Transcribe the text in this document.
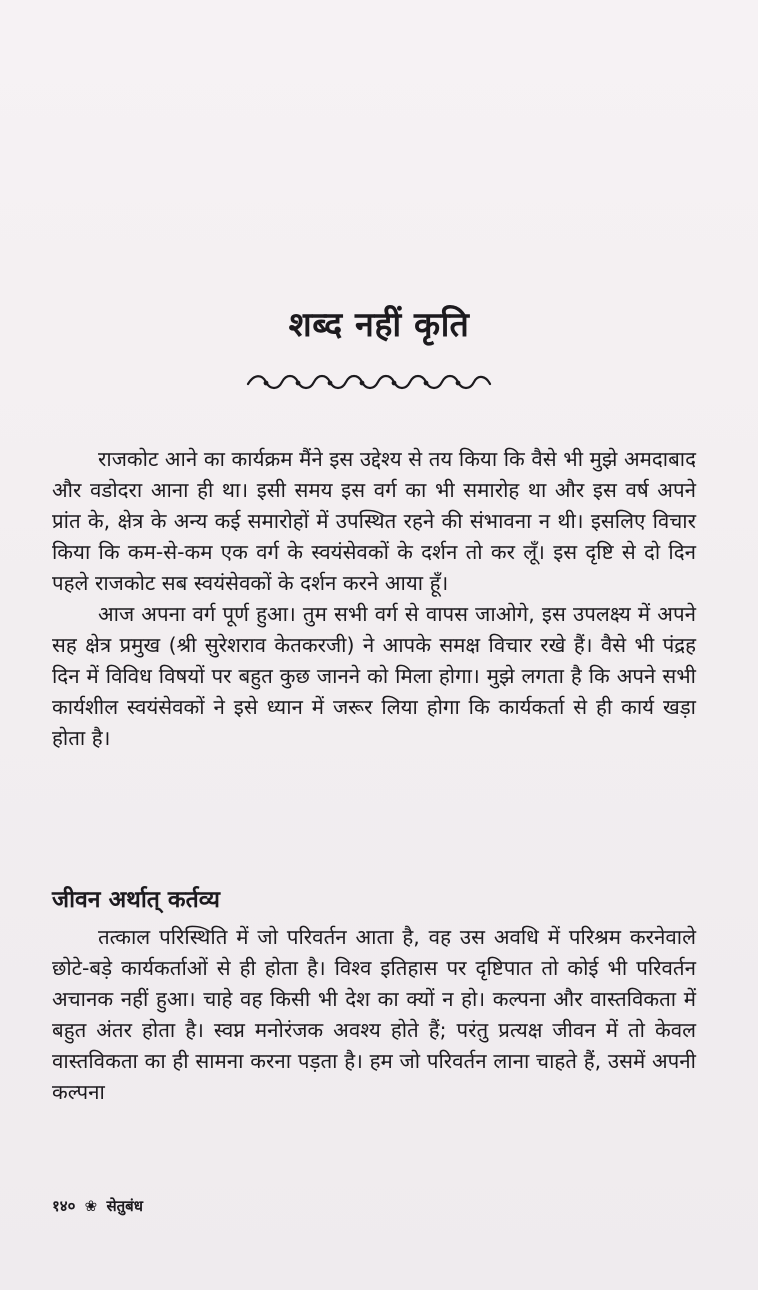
शब्द नहीं कृति

राजकोट आने का कार्यक्रम मैंने इस उद्देश्य से तय किया कि वैसे भी मुझे अमदाबाद और वडोदरा आना ही था। इसी समय इस वर्ग का भी समारोह था और इस वर्ष अपने प्रांत के, क्षेत्र के अन्य कई समारोहों में उपस्थित रहने की संभावना न थी। इसलिए विचार किया कि कम-से-कम एक वर्ग के स्वयंसेवकों के दर्शन तो कर लूँ। इस दृष्टि से दो दिन पहले राजकोट सब स्वयंसेवकों के दर्शन करने आया हूँ।

आज अपना वर्ग पूर्ण हुआ। तुम सभी वर्ग से वापस जाओगे, इस उपलक्ष्य में अपने सह क्षेत्र प्रमुख (श्री सुरेशराव केतकरजी) ने आपके समक्ष विचार रखे हैं। वैसे भी पंद्रह दिन में विविध विषयों पर बहुत कुछ जानने को मिला होगा। मुझे लगता है कि अपने सभी कार्यशील स्वयंसेवकों ने इसे ध्यान में जरूर लिया होगा कि कार्यकर्ता से ही कार्य खड़ा होता है।

जीवन अर्थात् कर्तव्य

तत्काल परिस्थिति में जो परिवर्तन आता है, वह उस अवधि में परिश्रम करनेवाले छोटे-बड़े कार्यकर्ताओं से ही होता है। विश्व इतिहास पर दृष्टिपात तो कोई भी परिवर्तन अचानक नहीं हुआ। चाहे वह किसी भी देश का क्यों न हो। कल्पना और वास्तविकता में बहुत अंतर होता है। स्वप्न मनोरंजक अवश्य होते हैं; परंतु प्रत्यक्ष जीवन में तो केवल वास्तविकता का ही सामना करना पड़ता है। हम जो परिवर्तन लाना चाहते हैं, उसमें अपनी कल्पना

१४० ❀ सेतुबंध
